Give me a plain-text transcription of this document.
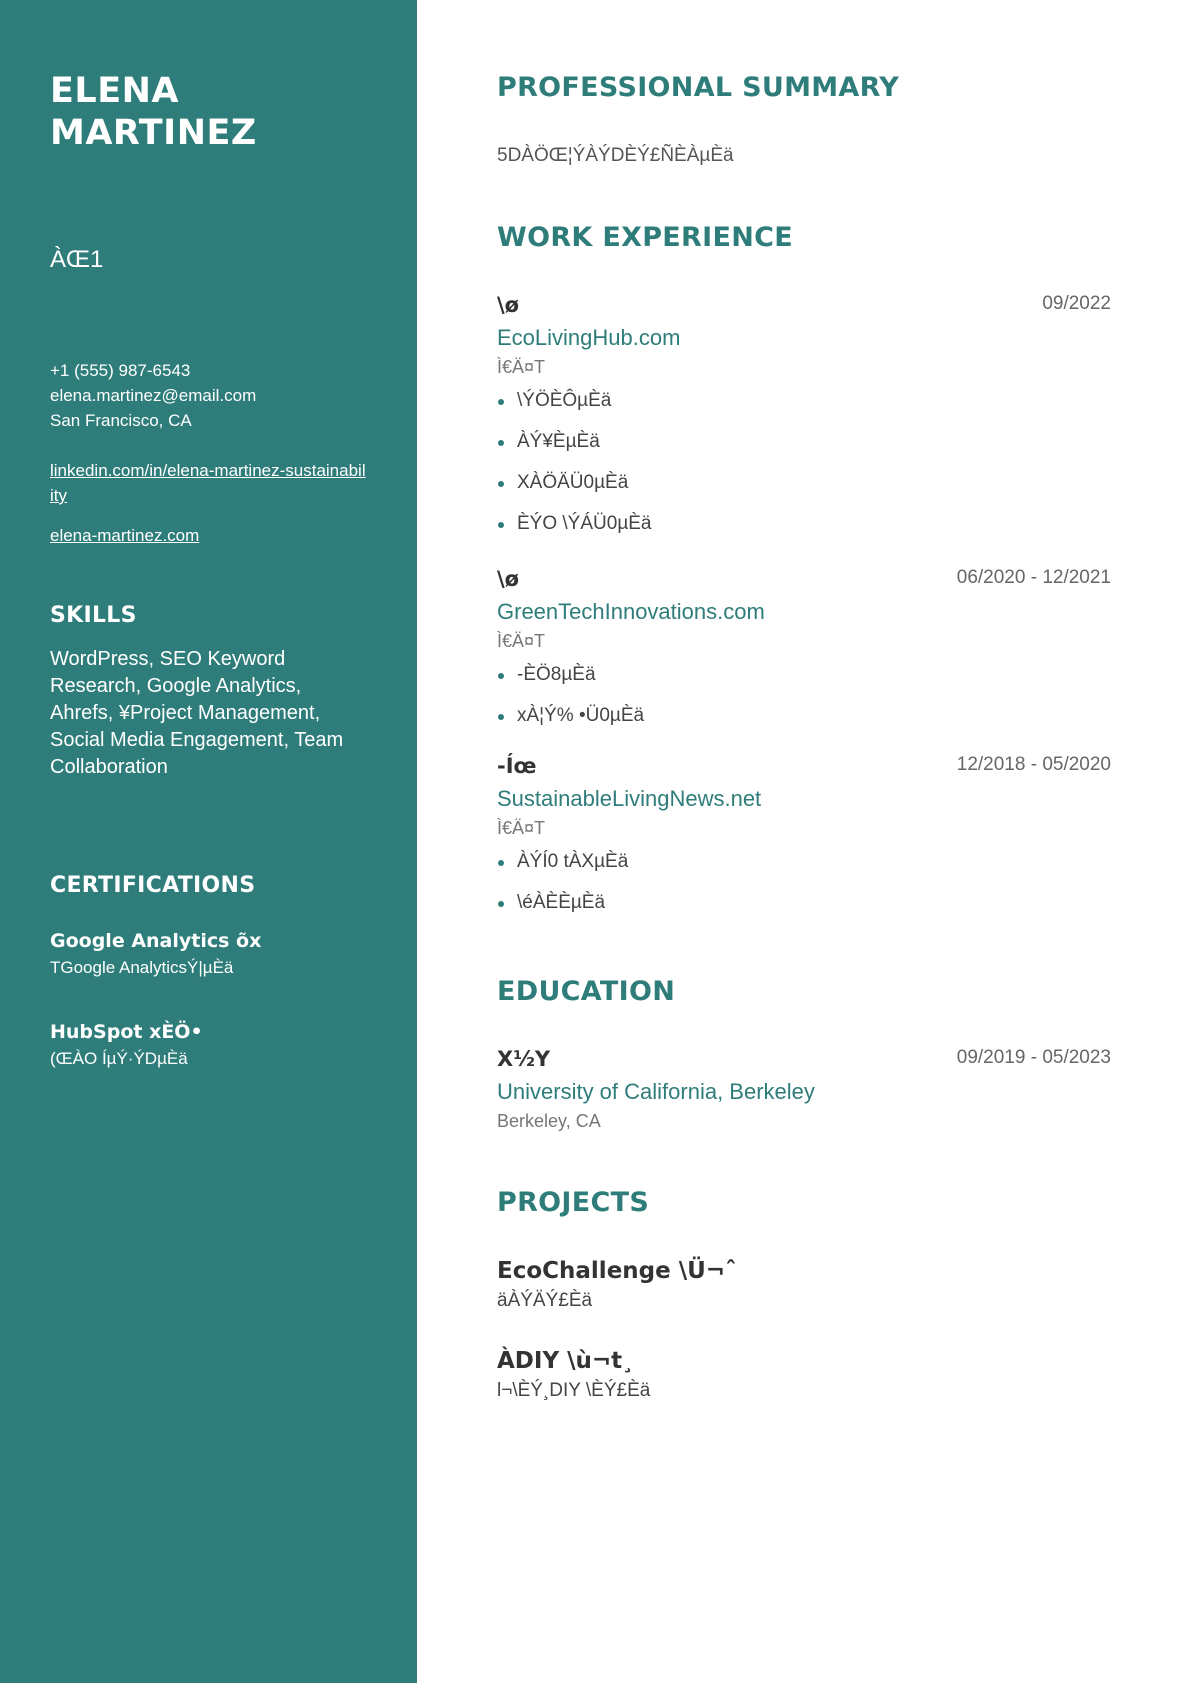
ELENA MARTINEZ
ÀŒ1
+1 (555) 987-6543
elena.martinez@email.com
San Francisco, CA
linkedin.com/in/elena-martinez-sustainability
elena-martinez.com
SKILLS

WordPress, SEO Keyword Research, Google Analytics, Ahrefs, ¥Project Management, Social Media Engagement, Team Collaboration

CERTIFICATIONS
Google Analytics õx
TGoogle AnalyticsÝ|µÈä
HubSpot xÈÖ•
(ŒÀO ÍµÝ·ÝDµÈä
PROFESSIONAL SUMMARY

5DÀÖŒ¦ÝÀÝDÈÝ£ÑÈÀµÈä

WORK EXPERIENCE
\ø	09/2022
EcoLivingHub.com
Ì€Ä¤T
\ÝÖÈÔµÈä
ÀÝ¥ÈµÈä
XÀÖÄÜ0µÈä
ÈÝO \ÝÁÜ0µÈä
\ø	06/2020 - 12/2021
GreenTechInnovations.com
Ì€Ä¤T
-ÈÖ8µÈä
xÀ¦Ý% •Ü0µÈä
-Íœ	12/2018 - 05/2020
SustainableLivingNews.net
Ì€Ä¤T
ÀÝÍ0 tÀXµÈä
\éÀÈÈµÈä
EDUCATION
X½Y	09/2019 - 05/2023
University of California, Berkeley
Berkeley, CA
PROJECTS
EcoChallenge \Ü¬ˆ
äÀÝÄÝ£Èä
ÀDIY \ù¬t¸
l¬\ÈÝ¸DIY \ÈÝ£Èä
